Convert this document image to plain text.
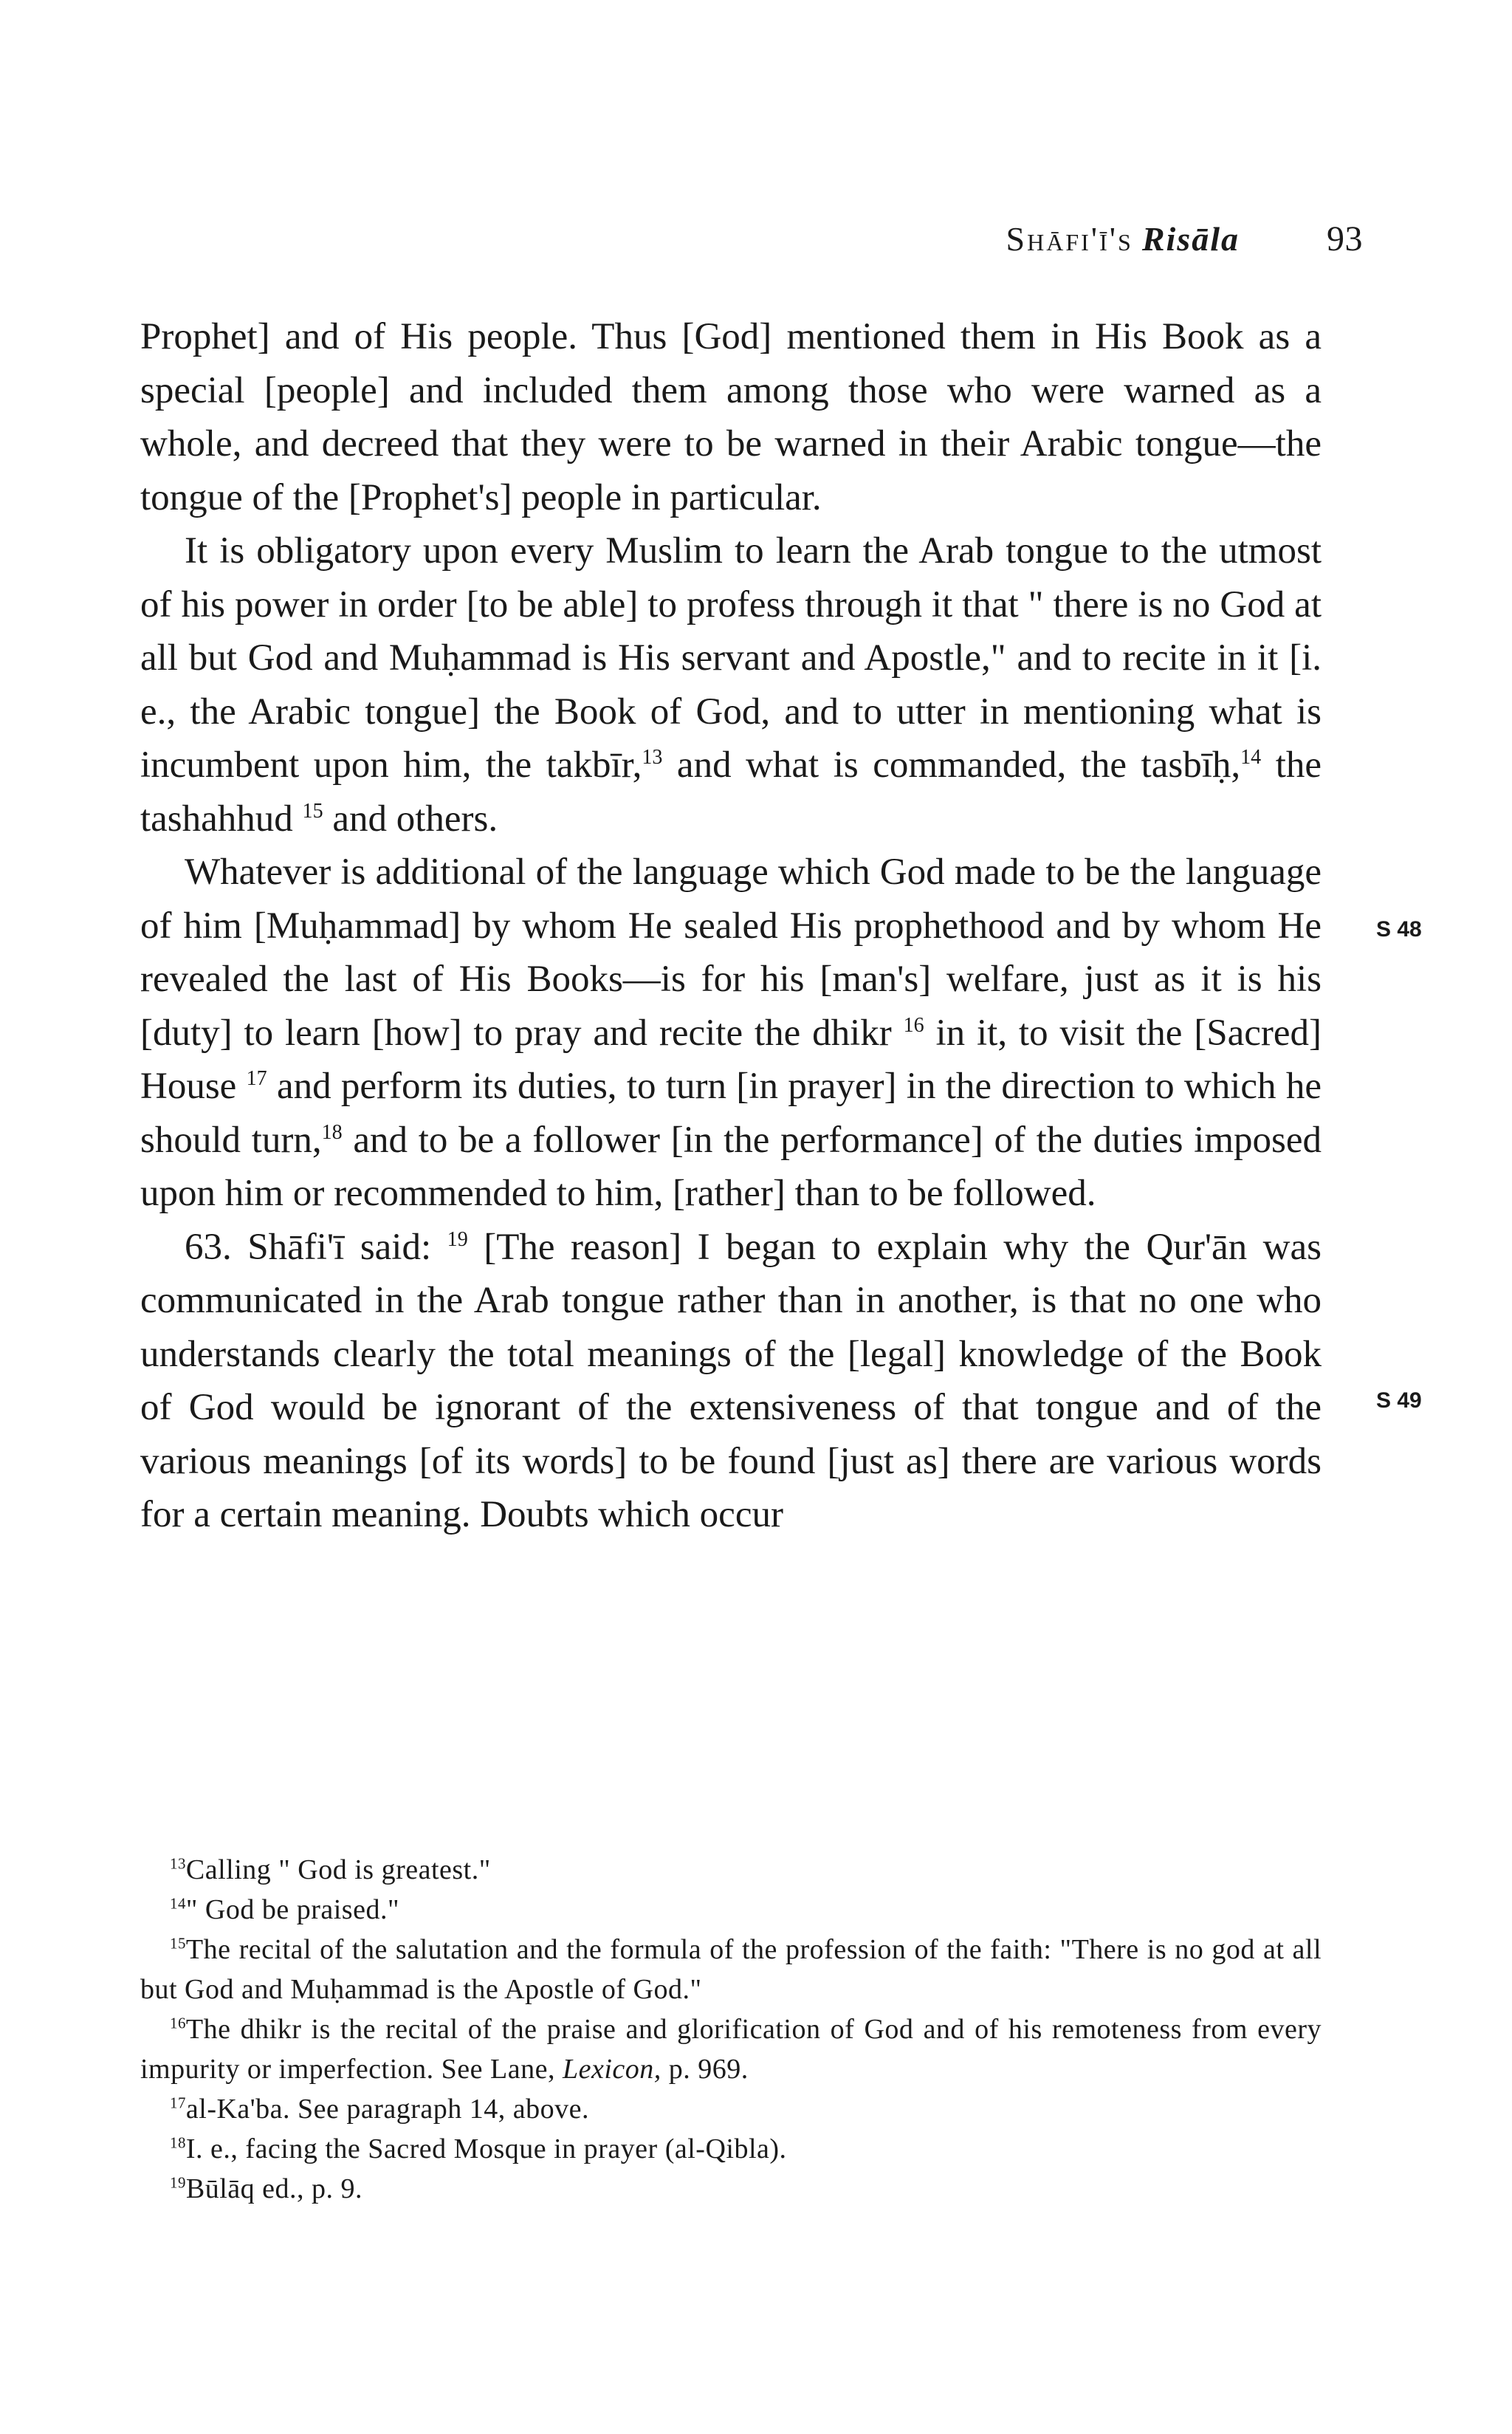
Shāfi'ī's Risāla 93

Prophet] and of His people. Thus [God] mentioned them in His Book as a special [people] and included them among those who were warned as a whole, and decreed that they were to be warned in their Arabic tongue—the tongue of the [Prophet's] people in particular.

It is obligatory upon every Muslim to learn the Arab tongue to the utmost of his power in order [to be able] to profess through it that " there is no God at all but God and Muḥammad is His servant and Apostle," and to recite in it [i. e., the Arabic tongue] the Book of God, and to utter in mentioning what is incumbent upon him, the takbīr,$^{13}$ and what is commanded, the tasbīḥ,$^{14}$ the tashahhud $^{15}$ and others.

Whatever is additional of the language which God made to be the language of him [Muḥammad] by whom He sealed His prophethood and by whom He revealed the last of His Books—is for his [man's] welfare, just as it is his [duty] to learn [how] to pray and recite the dhikr $^{16}$ in it, to visit the [Sacred] House $^{17}$ and perform its duties, to turn [in prayer] in the direction to which he should turn,$^{18}$ and to be a follower [in the performance] of the duties imposed upon him or recommended to him, [rather] than to be followed.

63. Shāfi'ī said: $^{19}$ [The reason] I began to explain why the Qur'ān was communicated in the Arab tongue rather than in another, is that no one who understands clearly the total meanings of the [legal] knowledge of the Book of God would be ignorant of the extensiveness of that tongue and of the various meanings [of its words] to be found [just as] there are various words for a certain meaning. Doubts which occur

S 48
S 49

$^{13}$Calling " God is greatest."

$^{14}$" God be praised."

$^{15}$The recital of the salutation and the formula of the profession of the faith: "There is no god at all but God and Muḥammad is the Apostle of God."

$^{16}$The dhikr is the recital of the praise and glorification of God and of his remoteness from every impurity or imperfection. See Lane, Lexicon, p. 969.

$^{17}$al-Ka'ba. See paragraph 14, above.

$^{18}$I. e., facing the Sacred Mosque in prayer (al-Qibla).

$^{19}$Būlāq ed., p. 9.
